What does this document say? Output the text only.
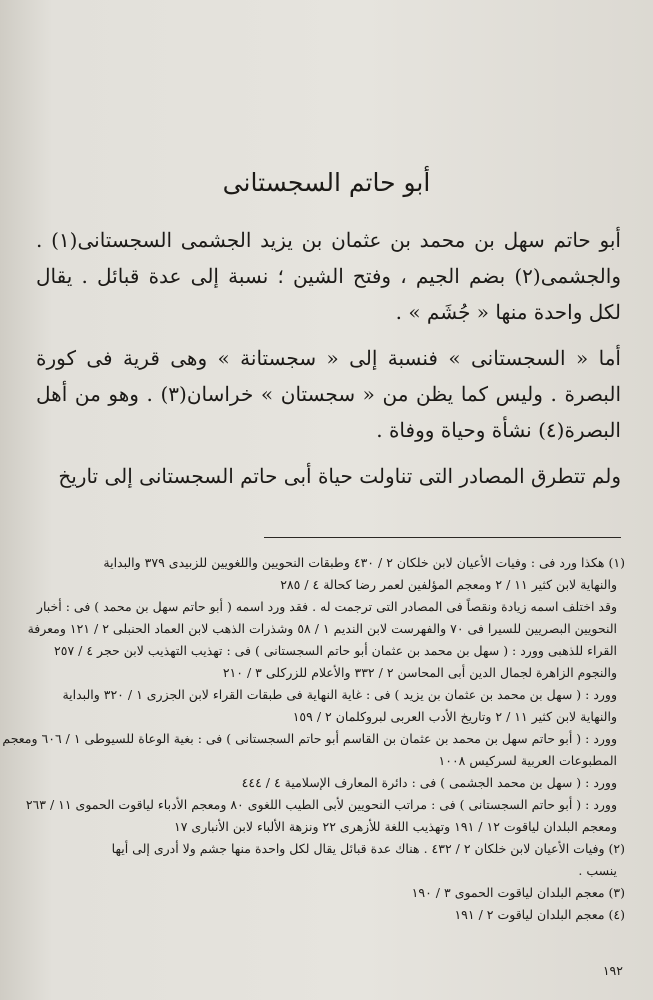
أبو حاتم السجستانى

أبو حاتم سهل بن محمد بن عثمان بن يزيد الجشمى السجستانى(١) . والجشمى(٢) بضم الجيم ، وفتح الشين ؛ نسبة إلى عدة قبائل . يقال لكل واحدة منها « جُشَم » .

أما « السجستانى » فنسبة إلى « سجستانة » وهى قرية فى كورة البصرة . وليس كما يظن من « سجستان » خراسان(٣) . وهو من أهل البصرة(٤) نشأة وحياة ووفاة .

ولم تتطرق المصادر التى تناولت حياة أبى حاتم السجستانى إلى تاريخ

(١) هكذا ورد فى : وفيات الأعيان لابن خلكان ٢ / ٤٣٠ وطبقات النحويين واللغويين للزبيدى ٣٧٩ والبداية
والنهاية لابن كثير ١١ / ٢ ومعجم المؤلفين لعمر رضا كحالة ٤ / ٢٨٥
وقد اختلف اسمه زيادة ونقصاً فى المصادر التى ترجمت له . فقد ورد اسمه ( أبو حاتم سهل بن محمد ) فى : أخبار
النحويين البصريين للسيرا فى ٧٠ والفهرست لابن النديم ١ / ٥٨ وشذرات الذهب لابن العماد الحنبلى ٢ / ١٢١ ومعرفة
القراء للذهبى وورد : ( سهل بن محمد بن عثمان أبو حاتم السجستانى ) فى : تهذيب التهذيب لابن حجر ٤ / ٢٥٧
والنجوم الزاهرة لجمال الدين أبى المحاسن ٢ / ٣٣٢ والأعلام للزركلى ٣ / ٢١٠
وورد : ( سهل بن محمد بن عثمان بن يزيد ) فى : غاية النهاية فى طبقات القراء لابن الجزرى ١ / ٣٢٠ والبداية
والنهاية لابن كثير ١١ / ٢ وتاريخ الأدب العربى لبروكلمان ٢ / ١٥٩
وورد : ( أبو حاتم سهل بن محمد بن عثمان بن القاسم أبو حاتم السجستانى ) فى : بغية الوعاة للسيوطى ١ / ٦٠٦ ومعجم
المطبوعات العربية لسركيس ١٠٠٨
وورد : ( سهل بن محمد الجشمى ) فى : دائرة المعارف الإسلامية ٤ / ٤٤٤
وورد : ( أبو حاتم السجستانى ) فى : مراتب النحويين لأبى الطيب اللغوى ٨٠ ومعجم الأدباء لياقوت الحموى ١١ / ٢٦٣
ومعجم البلدان لياقوت ١٢ / ١٩١ وتهذيب اللغة للأزهرى ٢٢ ونزهة الألباء لابن الأنبارى ١٧
(٢) وفيات الأعيان لابن خلكان ٢ / ٤٣٢ . هناك عدة قبائل يقال لكل واحدة منها جشم ولا أدرى إلى أيها
ينسب .
(٣) معجم البلدان لياقوت الحموى ٣ / ١٩٠
(٤) معجم البلدان لياقوت ٢ / ١٩١
١٩٢
